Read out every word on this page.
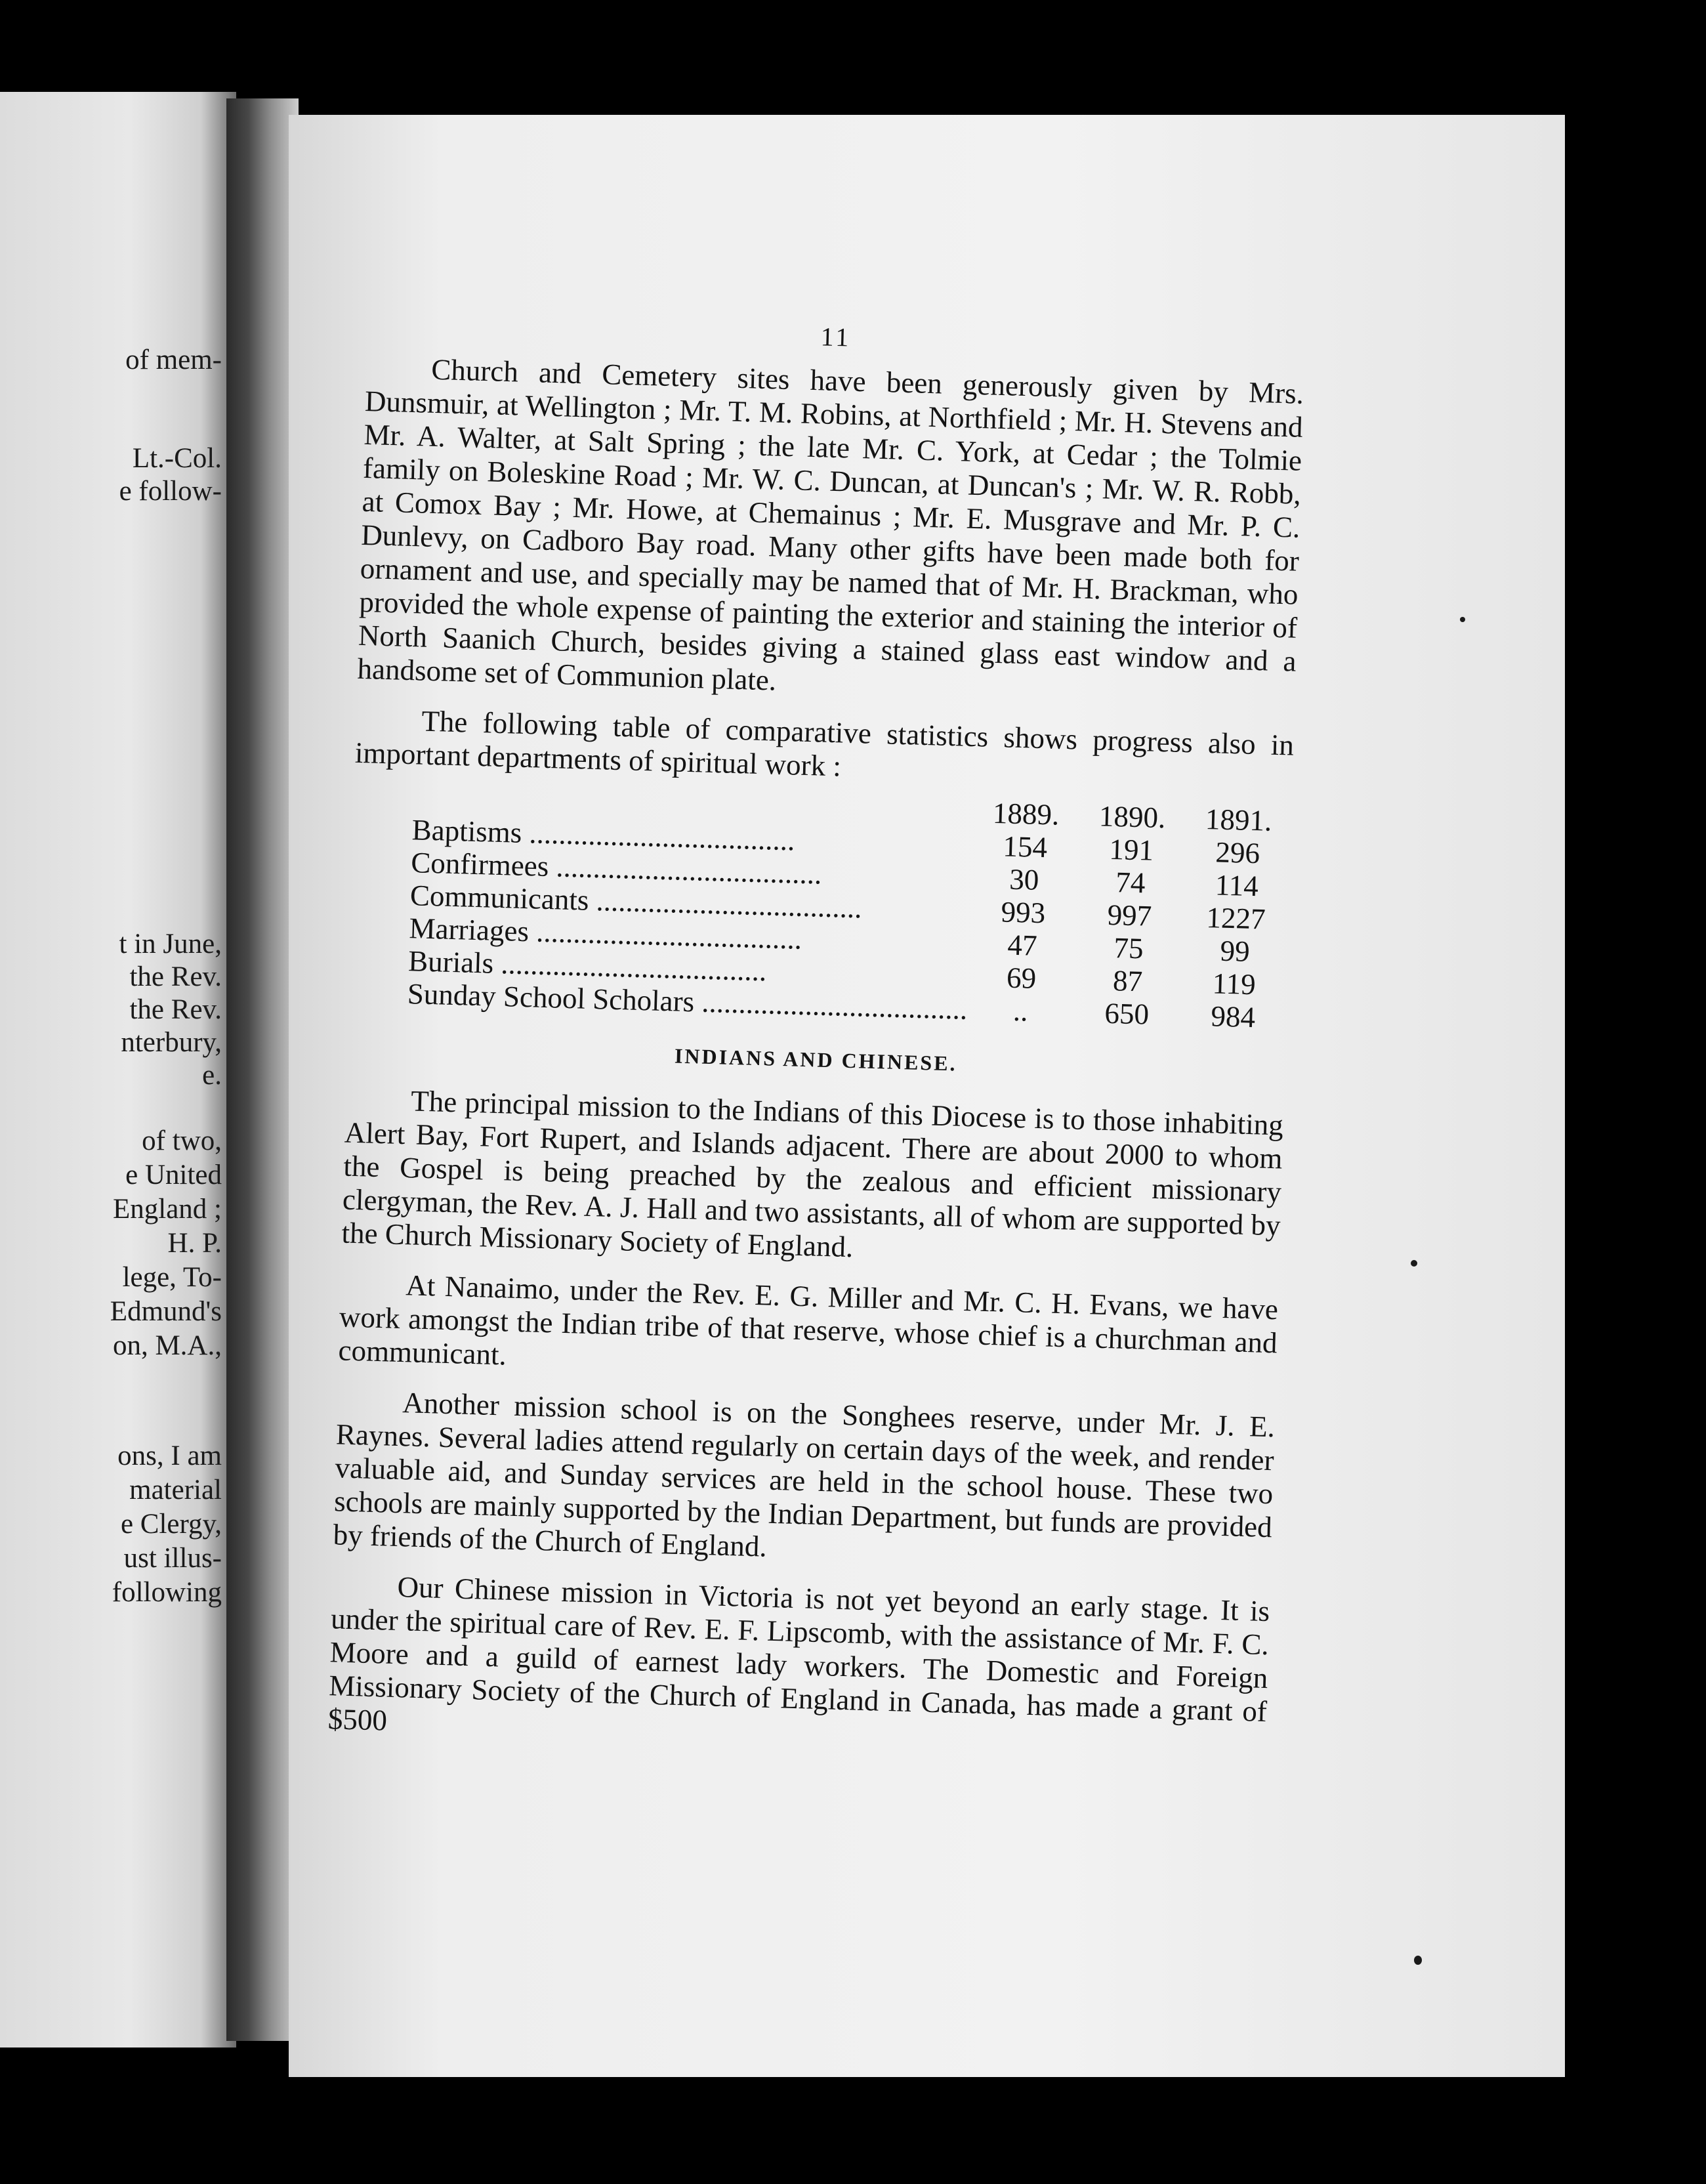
of mem-
Lt.-Col.
e follow-
t in June,
the Rev.
the Rev.
nterbury,
e.
of two,
e United
England ;
H. P.
lege, To-
Edmund's
on, M.A.,
ons, I am
material
e Clergy,
ust illus-
following
11

Church and Cemetery sites have been generously given by Mrs. Dunsmuir, at Wellington ; Mr. T. M. Robins, at Northfield ; Mr. H. Stevens and Mr. A. Walter, at Salt Spring ; the late Mr. C. York, at Cedar ; the Tolmie family on Boleskine Road ; Mr. W. C. Duncan, at Duncan's ; Mr. W. R. Robb, at Comox Bay ; Mr. Howe, at Chemainus ; Mr. E. Musgrave and Mr. P. C. Dunlevy, on Cadboro Bay road. Many other gifts have been made both for ornament and use, and specially may be named that of Mr. H. Brackman, who provided the whole expense of painting the exterior and staining the interior of North Saanich Church, besides giving a stained glass east window and a handsome set of Communion plate.

The following table of comparative statistics shows progress also in important departments of spiritual work :

	1889.	1890.	1891.
Baptisms ....................................	154	191	296
Confirmees ....................................	30	74	114
Communicants ....................................	993	997	1227
Marriages ....................................	47	75	99
Burials ....................................	69	87	119
Sunday School Scholars ....................................	..	650	984
INDIANS AND CHINESE.

The principal mission to the Indians of this Diocese is to those inhabiting Alert Bay, Fort Rupert, and Islands adjacent. There are about 2000 to whom the Gospel is being preached by the zealous and efficient missionary clergyman, the Rev. A. J. Hall and two assistants, all of whom are supported by the Church Missionary Society of England.

At Nanaimo, under the Rev. E. G. Miller and Mr. C. H. Evans, we have work amongst the Indian tribe of that reserve, whose chief is a churchman and communicant.

Another mission school is on the Songhees reserve, under Mr. J. E. Raynes. Several ladies attend regularly on certain days of the week, and render valuable aid, and Sunday services are held in the school house. These two schools are mainly supported by the Indian Department, but funds are provided by friends of the Church of England.

Our Chinese mission in Victoria is not yet beyond an early stage. It is under the spiritual care of Rev. E. F. Lipscomb, with the assistance of Mr. F. C. Moore and a guild of earnest lady workers. The Domestic and Foreign Missionary Society of the Church of England in Canada, has made a grant of $500
